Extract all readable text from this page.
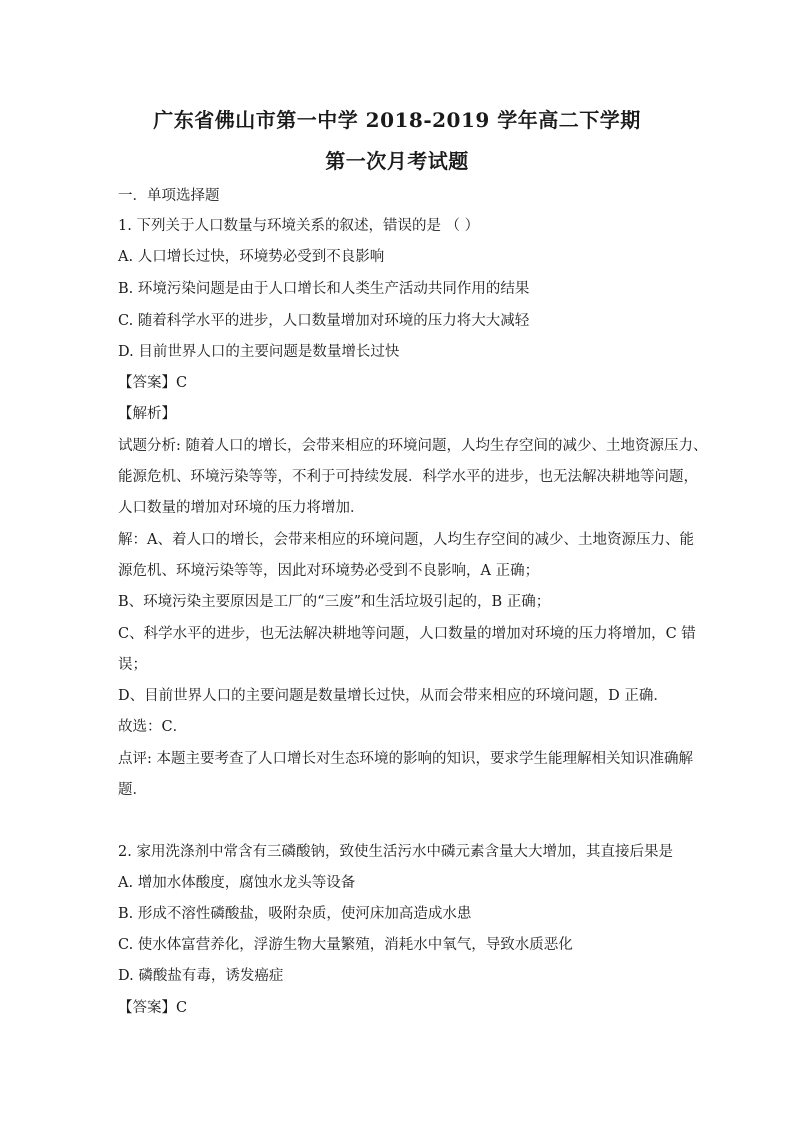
广东省佛山市第一中学 2018-2019 学年高二下学期
第一次月考试题
一．单项选择题
1. 下列关于人口数量与环境关系的叙述，错误的是 （ ）
A. 人口增长过快，环境势必受到不良影响
B. 环境污染问题是由于人口增长和人类生产活动共同作用的结果
C. 随着科学水平的进步，人口数量增加对环境的压力将大大减轻
D. 目前世界人口的主要问题是数量增长过快
【答案】C
【解析】
试题分析: 随着人口的增长，会带来相应的环境问题，人均生存空间的减少、土地资源压力、
能源危机、环境污染等等，不利于可持续发展．科学水平的进步，也无法解决耕地等问题，
人口数量的增加对环境的压力将增加．
解：A、着人口的增长，会带来相应的环境问题，人均生存空间的减少、土地资源压力、能
源危机、环境污染等等，因此对环境势必受到不良影响，A 正确；
B、环境污染主要原因是工厂的“三废”和生活垃圾引起的，B 正确；
C、科学水平的进步，也无法解决耕地等问题，人口数量的增加对环境的压力将增加，C 错
误；
D、目前世界人口的主要问题是数量增长过快，从而会带来相应的环境问题，D 正确．
故选：C．
点评: 本题主要考查了人口增长对生态环境的影响的知识，要求学生能理解相关知识准确解
题．
2. 家用洗涤剂中常含有三磷酸钠，致使生活污水中磷元素含量大大增加，其直接后果是
A. 增加水体酸度，腐蚀水龙头等设备
B. 形成不溶性磷酸盐，吸附杂质，使河床加高造成水患
C. 使水体富营养化，浮游生物大量繁殖，消耗水中氧气，导致水质恶化
D. 磷酸盐有毒，诱发癌症
【答案】C
